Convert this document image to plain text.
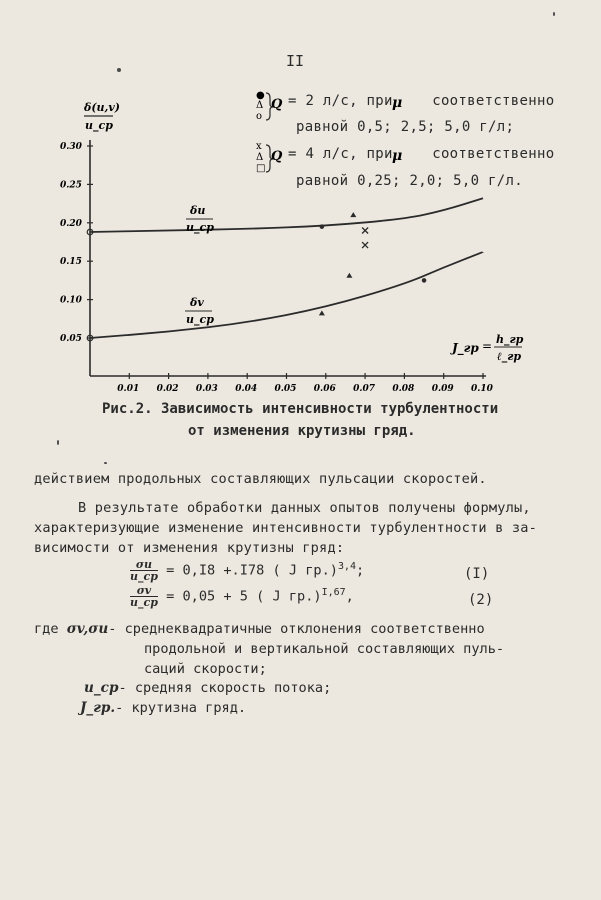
II
δ(u,v)
u_cp
0.30
0.25
0.20
0.15
0.10
0.05
0.01 0.02 0.03 0.04 0.05 0.06 0.07 0.08 0.09 0.10
δu
u_cp
δv
u_cp
J_гр = h_гр
ℓ_гр
●
Δ
o
Q
x
Δ
□
Q
μ
μ
= 2 л/с, при	соответственно
равной 0,5; 2,5; 5,0 г/л;
= 4 л/с, при	соответственно
равной 0,25; 2,0; 5,0 г/л.
Рис.2. Зависимость интенсивности турбулентности
от изменения крутизны гряд.
действием продольных составляющих пульсации скоростей.
В результате обработки данных опытов получены формулы,
характеризующие изменение интенсивности турбулентности в за-
висимости от изменения крутизны гряд:
$\frac{\sigma u}{u\_cp} = 0,I8 +.I78$ ( J гр.)$^{3,4}$;	(I)
$\frac{\sigma v}{u\_cp} = 0,05 + 5$ ( J гр.)$^{I,67}$,	(2)
где σv,σu- среднеквадратичные отклонения соответственно
продольной и вертикальной составляющих пуль-
саций скорости;
u_cp- средняя скорость потока;
J_гр.- крутизна гряд.
